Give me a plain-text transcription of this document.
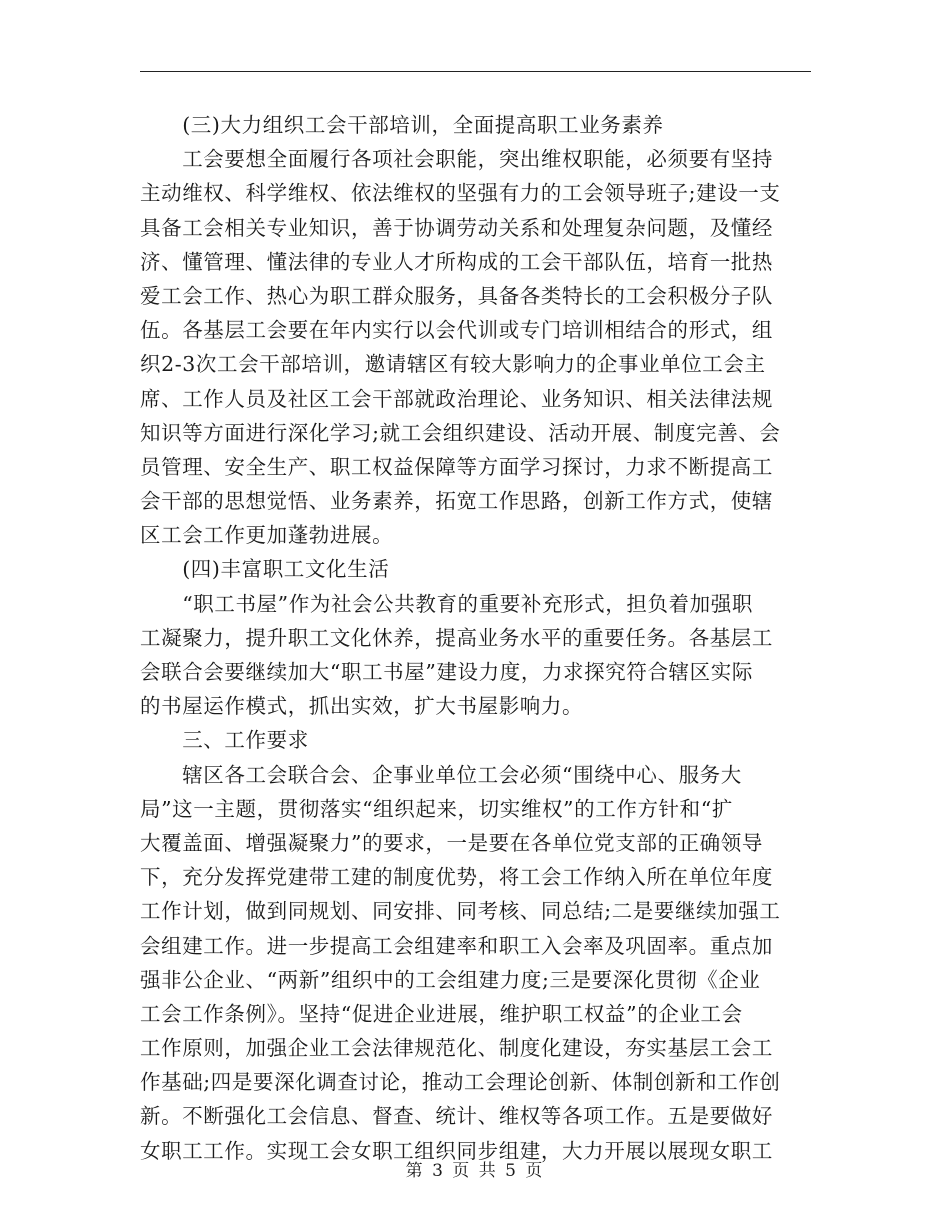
　　(三)大力组织工会干部培训，全面提高职工业务素养
　　工会要想全面履行各项社会职能，突出维权职能，必须要有坚持
主动维权、科学维权、依法维权的坚强有力的工会领导班子;建设一支
具备工会相关专业知识，善于协调劳动关系和处理复杂问题，及懂经
济、懂管理、懂法律的专业人才所构成的工会干部队伍，培育一批热
爱工会工作、热心为职工群众服务，具备各类特长的工会积极分子队
伍。各基层工会要在年内实行以会代训或专门培训相结合的形式，组
织2-3次工会干部培训，邀请辖区有较大影响力的企事业单位工会主
席、工作人员及社区工会干部就政治理论、业务知识、相关法律法规
知识等方面进行深化学习;就工会组织建设、活动开展、制度完善、会
员管理、安全生产、职工权益保障等方面学习探讨，力求不断提高工
会干部的思想觉悟、业务素养，拓宽工作思路，创新工作方式，使辖
区工会工作更加蓬勃进展。
　　(四)丰富职工文化生活
　　“职工书屋”作为社会公共教育的重要补充形式，担负着加强职
工凝聚力，提升职工文化休养，提高业务水平的重要任务。各基层工
会联合会要继续加大“职工书屋”建设力度，力求探究符合辖区实际
的书屋运作模式，抓出实效，扩大书屋影响力。
　　三、工作要求
　　辖区各工会联合会、企事业单位工会必须“围绕中心、服务大
局”这一主题，贯彻落实“组织起来，切实维权”的工作方针和“扩
大覆盖面、增强凝聚力”的要求，一是要在各单位党支部的正确领导
下，充分发挥党建带工建的制度优势，将工会工作纳入所在单位年度
工作计划，做到同规划、同安排、同考核、同总结;二是要继续加强工
会组建工作。进一步提高工会组建率和职工入会率及巩固率。重点加
强非公企业、“两新”组织中的工会组建力度;三是要深化贯彻《企业
工会工作条例》。坚持“促进企业进展，维护职工权益”的企业工会
工作原则，加强企业工会法律规范化、制度化建设，夯实基层工会工
作基础;四是要深化调查讨论，推动工会理论创新、体制创新和工作创
新。不断强化工会信息、督查、统计、维权等各项工作。五是要做好
女职工工作。实现工会女职工组织同步组建，大力开展以展现女职工
第 3 页 共 5 页
